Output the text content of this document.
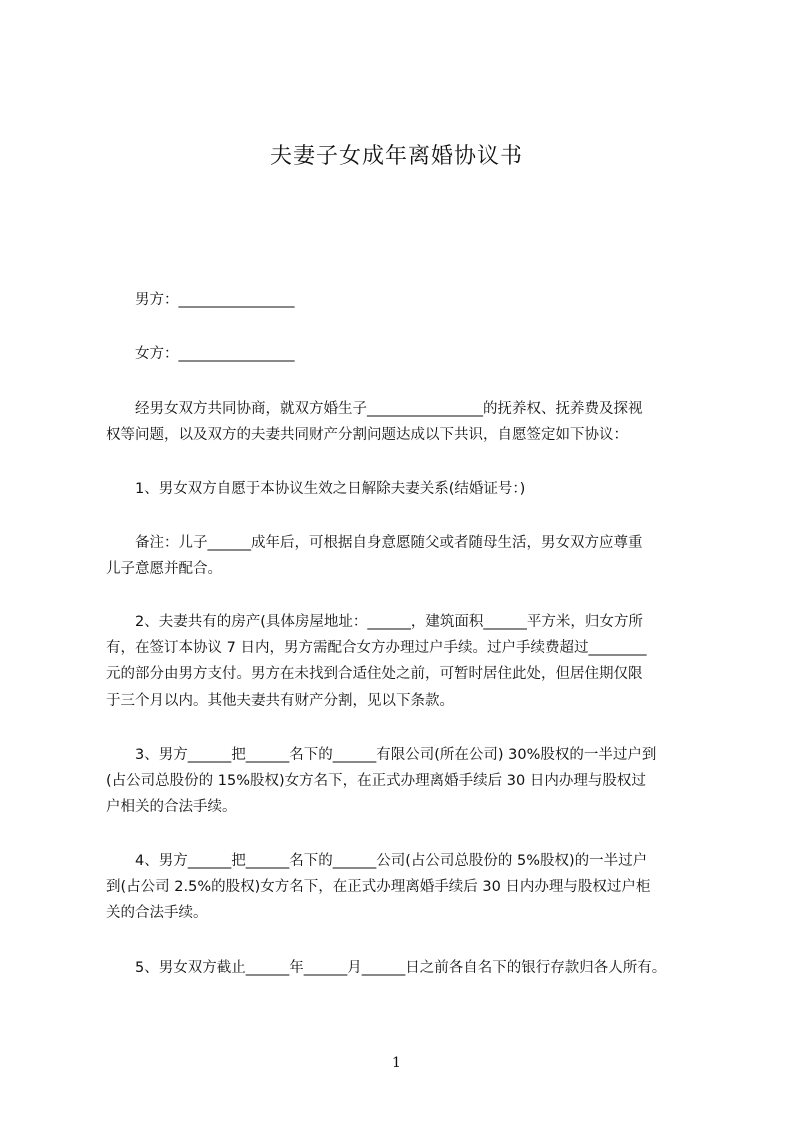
夫妻子女成年离婚协议书
　　男方：________________
　　女方：________________
　　经男女双方共同协商，就双方婚生子________________的抚养权、抚养费及探视
权等问题，以及双方的夫妻共同财产分割问题达成以下共识，自愿签定如下协议：
　　1、男女双方自愿于本协议生效之日解除夫妻关系(结婚证号：)
　　备注：儿子______成年后，可根据自身意愿随父或者随母生活，男女双方应尊重
儿子意愿并配合。
　　2、夫妻共有的房产(具体房屋地址：______，建筑面积______平方米，归女方所
有，在签订本协议 7 日内，男方需配合女方办理过户手续。过户手续费超过________
元的部分由男方支付。男方在未找到合适住处之前，可暂时居住此处，但居住期仅限
于三个月以内。其他夫妻共有财产分割，见以下条款。
　　3、男方______把______名下的______有限公司(所在公司) 30%股权的一半过户到
(占公司总股份的 15%股权)女方名下，在正式办理离婚手续后 30 日内办理与股权过
户相关的合法手续。
　　4、男方______把______名下的______公司(占公司总股份的 5%股权)的一半过户
到(占公司 2.5%的股权)女方名下，在正式办理离婚手续后 30 日内办理与股权过户柜
关的合法手续。
　　5、男女双方截止______年______月______日之前各自名下的银行存款归各人所有。
1
